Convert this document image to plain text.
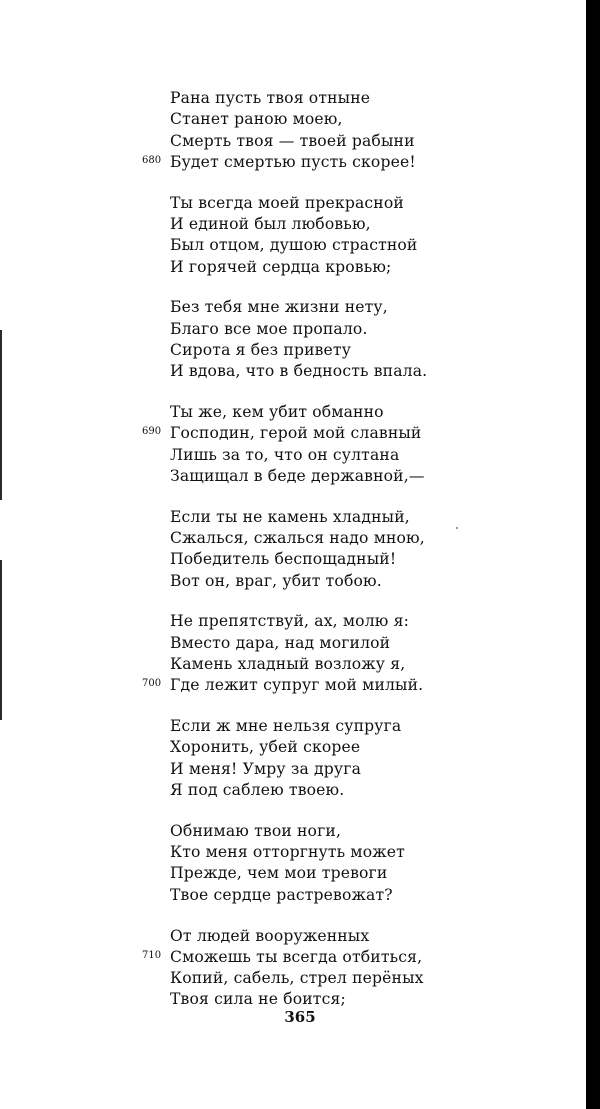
Рана пусть твоя отныне
Станет раною моею,
Смерть твоя — твоей рабыни
680 Будет смертью пусть скорее!
Ты всегда моей прекрасной
И единой был любовью,
Был отцом, душою страстной
И горячей сердца кровью;
Без тебя мне жизни нету,
Благо все мое пропало.
Сирота я без привету
И вдова, что в бедность впала.
Ты же, кем убит обманно
690 Господин, герой мой славный
Лишь за то, что он султана
Защищал в беде державной,—
Если ты не камень хладный,
Сжалься, сжалься надо мною,
Победитель беспощадный!
Вот он, враг, убит тобою.
Не препятствуй, ах, молю я:
Вместо дара, над могилой
Камень хладный возложу я,
700 Где лежит супруг мой милый.
Если ж мне нельзя супруга
Хоронить, убей скорее
И меня! Умру за друга
Я под саблею твоею.
Обнимаю твои ноги,
Кто меня отторгнуть может
Прежде, чем мои тревоги
Твое сердце растревожат?
От людей вооруженных
710 Сможешь ты всегда отбиться,
Копий, сабель, стрел перёных
Твоя сила не боится;
365
